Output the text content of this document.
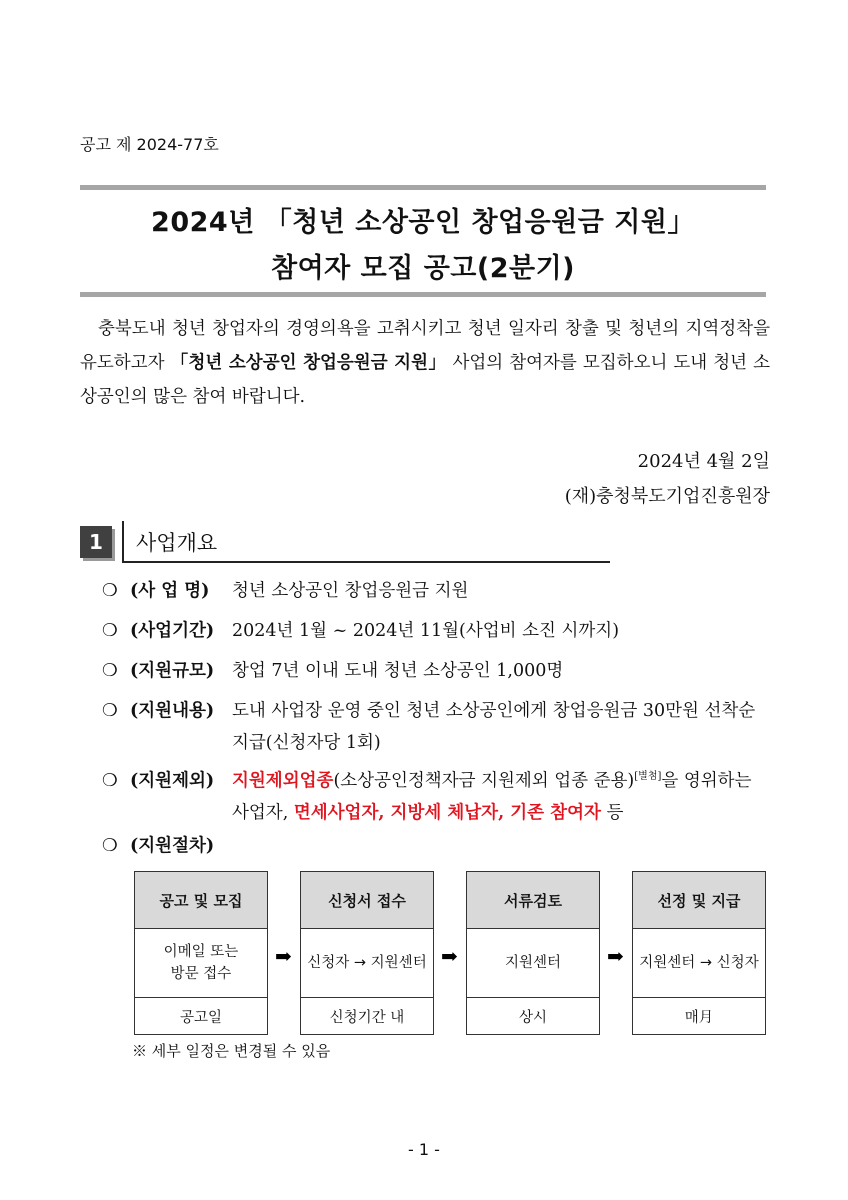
공고 제 2024-77호
2024년 「청년 소상공인 창업응원금 지원」
참여자 모집 공고(2분기)
충북도내 청년 창업자의 경영의욕을 고취시키고 청년 일자리 창출 및 청년의 지역정착을 유도하고자 「청년 소상공인 창업응원금 지원」 사업의 참여자를 모집하오니 도내 청년 소상공인의 많은 참여 바랍니다.
2024년 4월 2일
(재)충청북도기업진흥원장
1	사업개요
❍ (사 업 명) 청년 소상공인 창업응원금 지원
❍ (사업기간) 2024년 1월 ~ 2024년 11월(사업비 소진 시까지)
❍ (지원규모) 창업 7년 이내 도내 청년 소상공인 1,000명
❍ (지원내용) 도내 사업장 운영 중인 청년 소상공인에게 창업응원금 30만원 선착순 지급(신청자당 1회)
❍ (지원제외) 지원제외업종(소상공인정책자금 지원제외 업종 준용)[별첨]을 영위하는 사업자, 면세사업자, 지방세 체납자, 기존 참여자 등
❍ (지원절차)
공고 및 모집
이메일 또는
방문 접수
공고일
➡
신청서 접수
신청자 → 지원센터
신청기간 내
➡
서류검토
지원센터
상시
➡
선정 및 지급
지원센터 → 신청자
매月
※ 세부 일정은 변경될 수 있음
- 1 -
